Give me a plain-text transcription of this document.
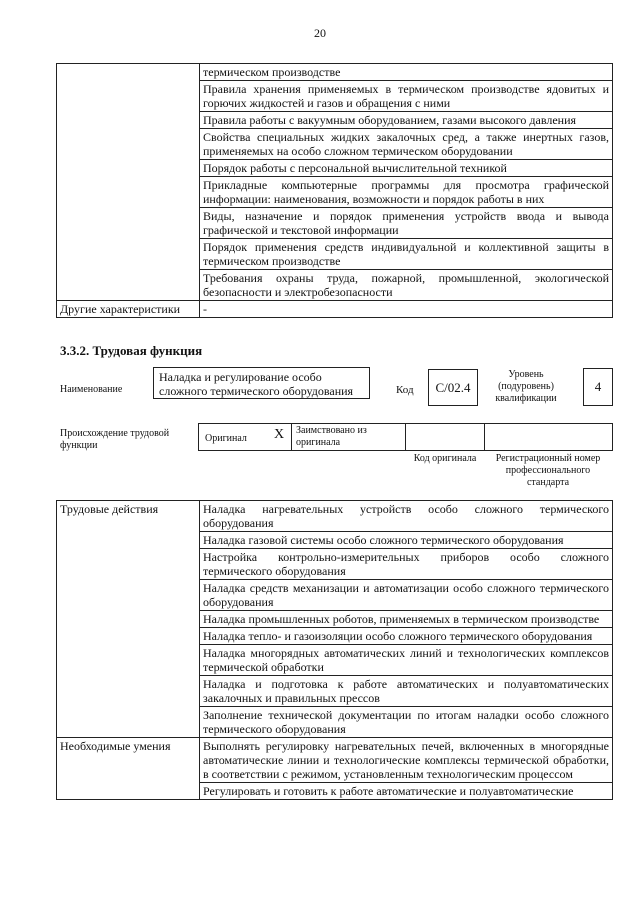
20
	термическом производстве
	Правила хранения применяемых в термическом производстве ядовитых и горючих жидкостей и газов и обращения с ними
	Правила работы с вакуумным оборудованием, газами высокого давления
	Свойства специальных жидких закалочных сред, а также инертных газов, применяемых на особо сложном термическом оборудовании
	Порядок работы с персональной вычислительной техникой
	Прикладные компьютерные программы для просмотра графической информации: наименования, возможности и порядок работы в них
	Виды, назначение и порядок применения устройств ввода и вывода графической и текстовой информации
	Порядок применения средств индивидуальной и коллективной защиты в термическом производстве
	Требования охраны труда, пожарной, промышленной, экологической безопасности и электробезопасности
Другие характеристики	-
3.3.2. Трудовая функция
Наименование
Наладка и регулирование особо сложного термического оборудования	Код	С/02.4
Уровень (подуровень) квалификации
4
Происхождение трудовой функции
Оригинал X Заимствовано из оригинала
Код оригинала	Регистрационный номер профессионального стандарта
Трудовые действия	Наладка нагревательных устройств особо сложного термического оборудования
	Наладка газовой системы особо сложного термического оборудования
	Настройка контрольно-измерительных приборов особо сложного термического оборудования
	Наладка средств механизации и автоматизации особо сложного термического оборудования
	Наладка промышленных роботов, применяемых в термическом производстве
	Наладка тепло- и газоизоляции особо сложного термического оборудования
	Наладка многорядных автоматических линий и технологических комплексов термической обработки
	Наладка и подготовка к работе автоматических и полуавтоматических закалочных и правильных прессов
	Заполнение технической документации по итогам наладки особо сложного термического оборудования
Необходимые умения	Выполнять регулировку нагревательных печей, включенных в многорядные автоматические линии и технологические комплексы термической обработки, в соответствии с режимом, установленным технологическим процессом
	Регулировать и готовить к работе автоматические и полуавтоматические
